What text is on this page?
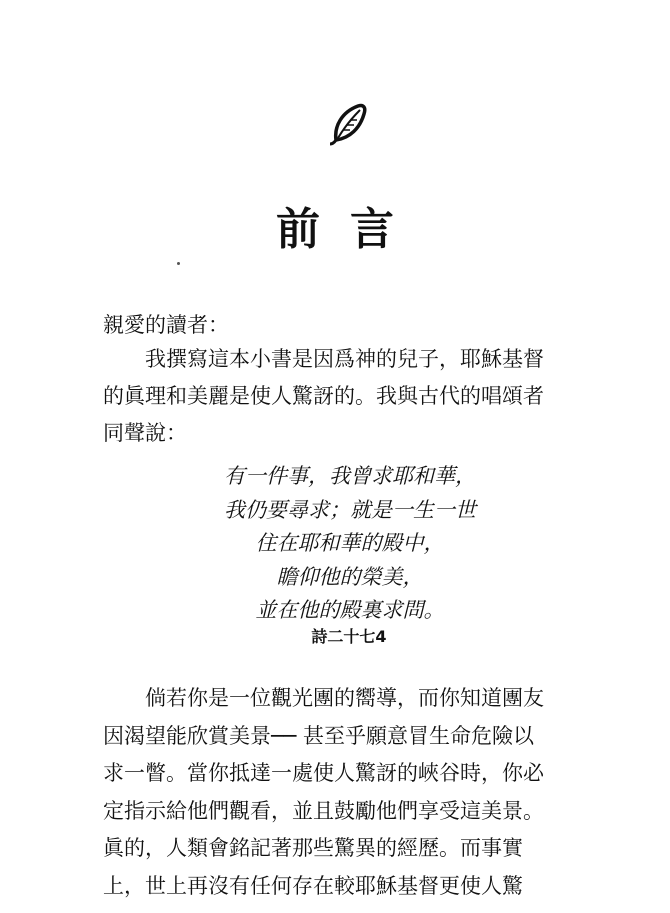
前言
親愛的讀者：
　　我撰寫這本小書是因爲神的兒子，耶穌基督
的眞理和美麗是使人驚訝的。我與古代的唱頌者
同聲說：
有一件事，我曾求耶和華，
我仍要尋求；就是一生一世
住在耶和華的殿中，
瞻仰他的榮美，
並在他的殿裏求問。
詩二十七4
　　倘若你是一位觀光團的嚮導，而你知道團友
因渴望能欣賞美景── 甚至乎願意冒生命危險以
求一瞥。當你抵達一處使人驚訝的峽谷時，你必
定指示給他們觀看，並且鼓勵他們享受這美景。
眞的，人類會銘記著那些驚異的經歷。而事實
上，世上再沒有任何存在較耶穌基督更使人驚
